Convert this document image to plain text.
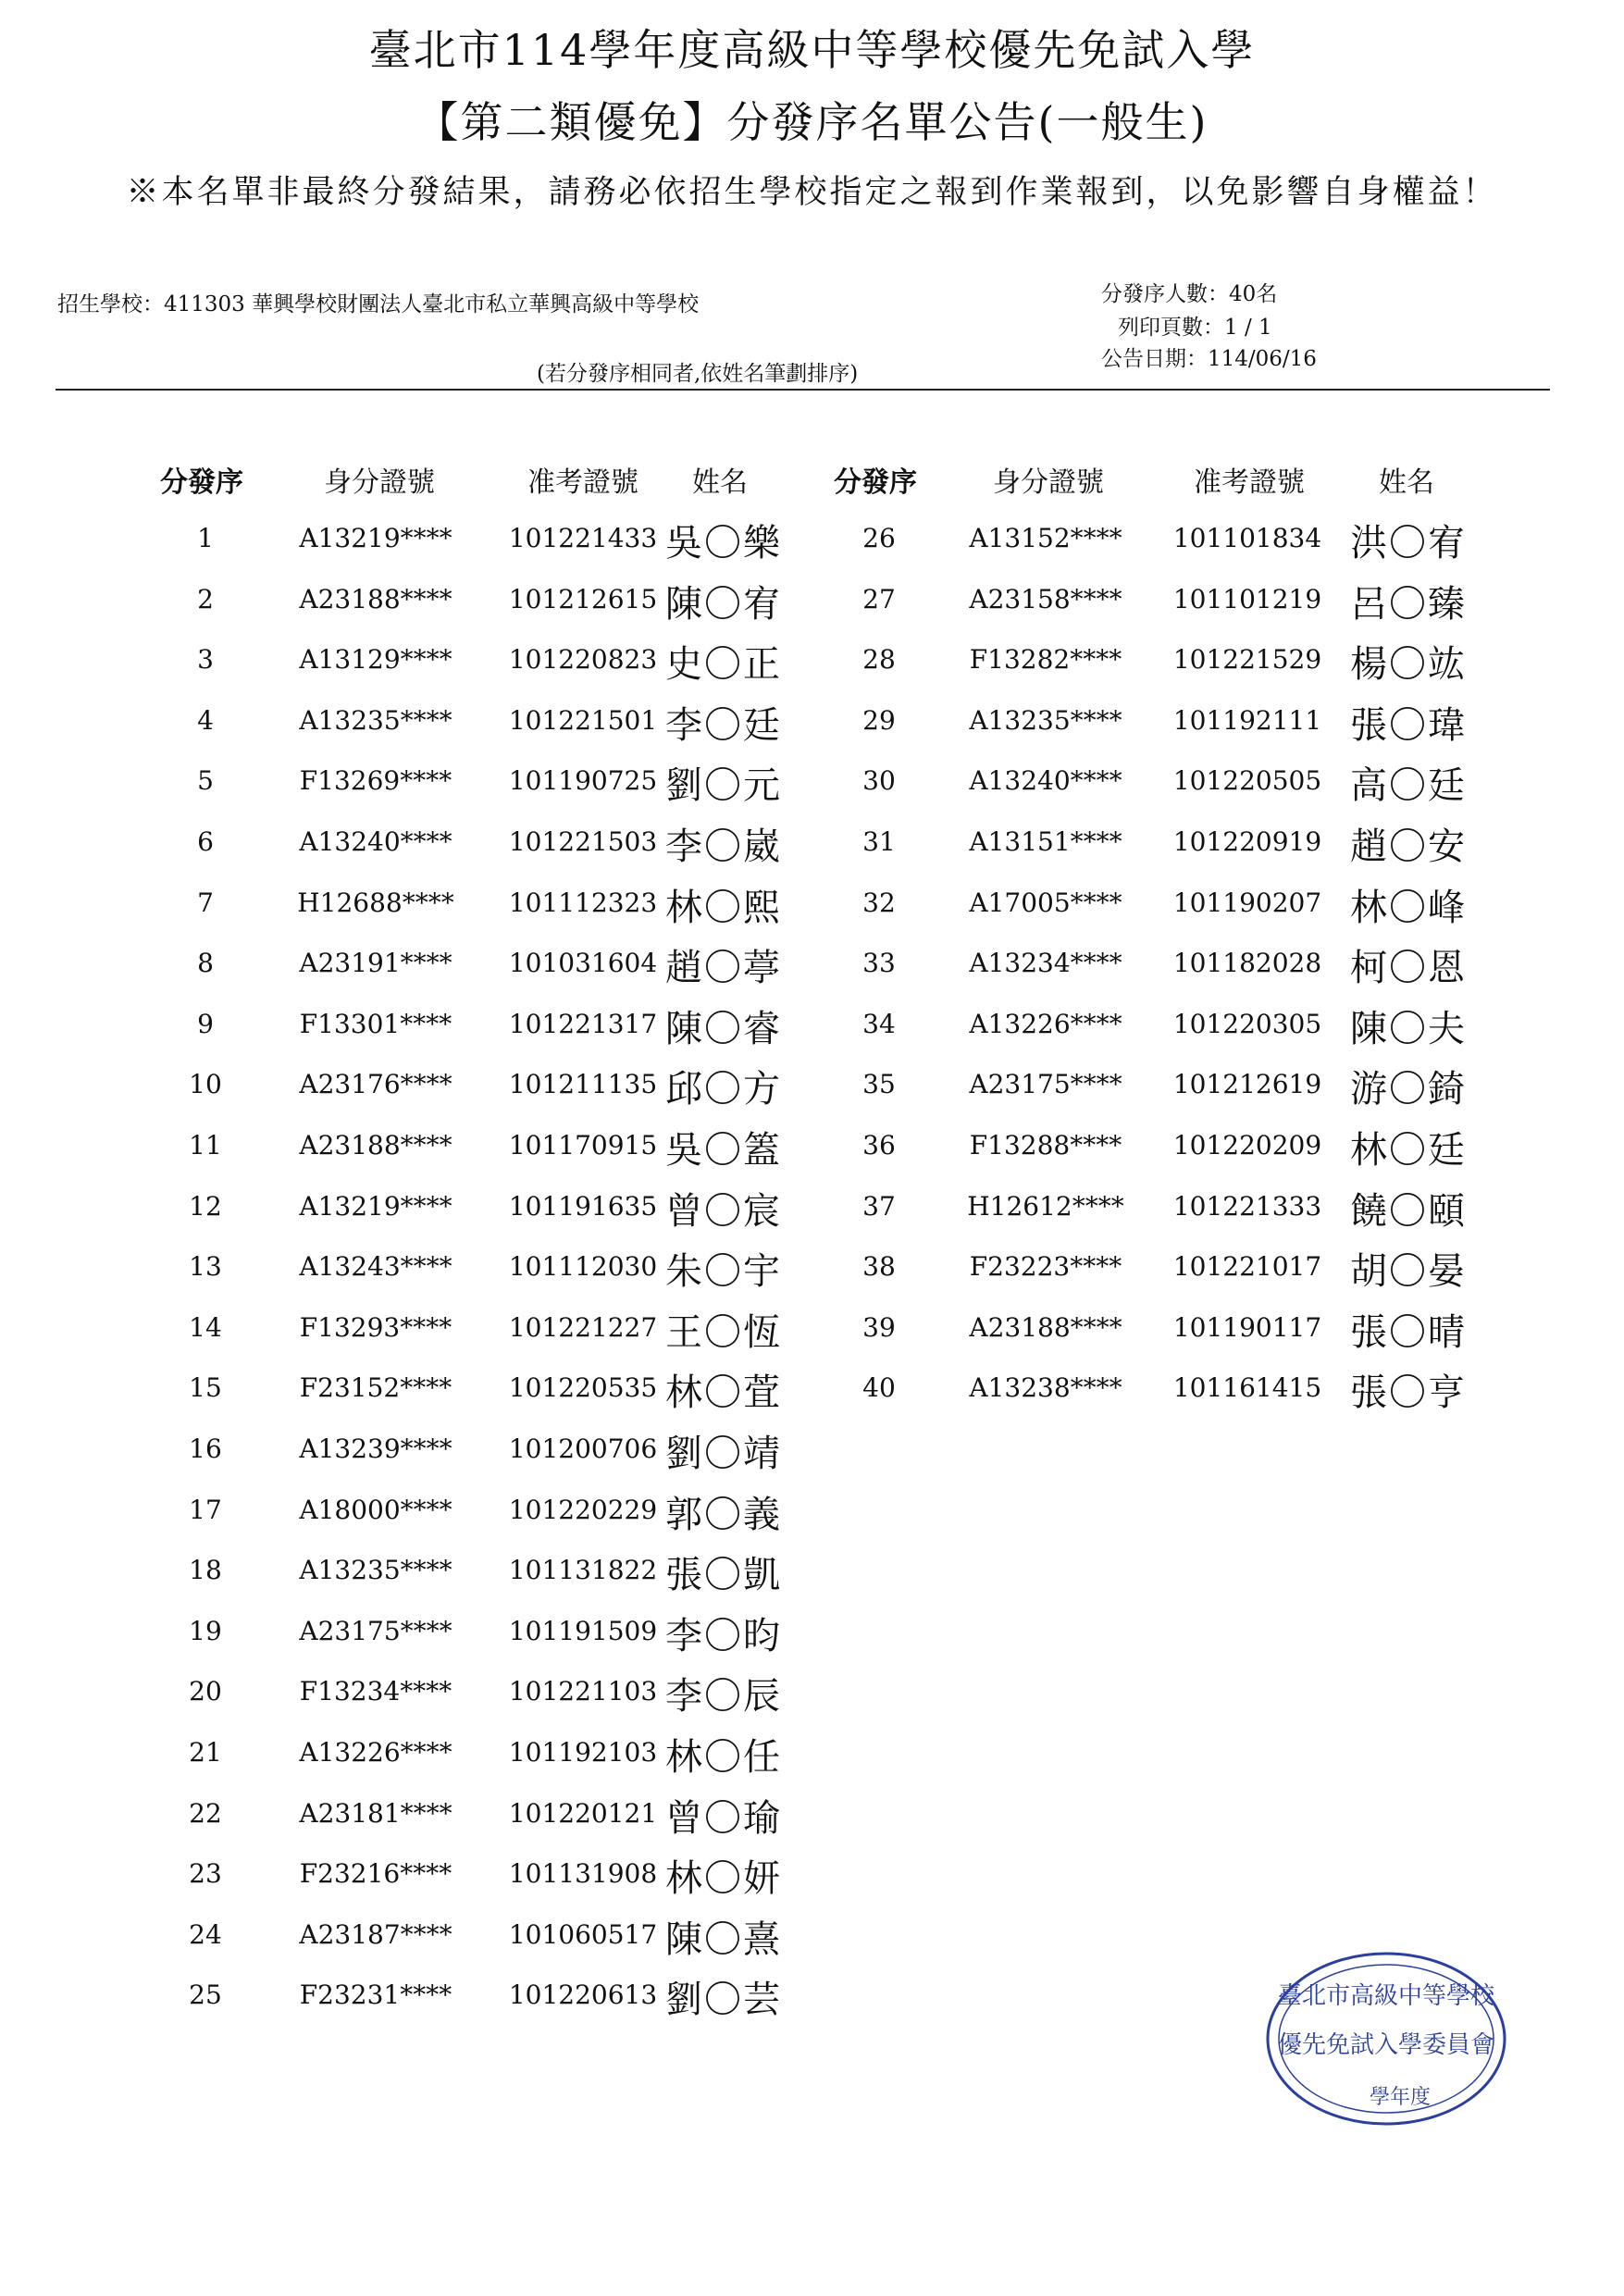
臺北市114學年度高級中等學校優先免試入學
【第二類優免】分發序名單公告(一般生)
※本名單非最終分發結果，請務必依招生學校指定之報到作業報到，以免影響自身權益！
招生學校：411303 華興學校財團法人臺北市私立華興高級中等學校	分發序人數：40名
列印頁數：1 / 1
公告日期：114/06/16
(若分發序相同者,依姓名筆劃排序)
分發序	身分證號	准考證號	姓名	分發序	身分證號	准考證號	姓名
1	A13219****	101221433 吳〇樂
2	A23188****	101212615 陳〇宥
3	A13129****	101220823 史〇正
4	A13235****	101221501 李〇廷
5	F13269****	101190725 劉〇元
6	A13240****	101221503 李〇崴
7	H12688****	101112323 林〇熙
8	A23191****	101031604 趙〇葶
9	F13301****	101221317 陳〇睿
10	A23176****	101211135 邱〇方
11	A23188****	101170915 吳〇篕
12	A13219****	101191635 曾〇宸
13	A13243****	101112030 朱〇宇
14	F13293****	101221227 王〇恆
15	F23152****	101220535 林〇萓
16	A13239****	101200706 劉〇靖
17	A18000****	101220229 郭〇義
18	A13235****	101131822 張〇凱
19	A23175****	101191509 李〇昀
20	F13234****	101221103 李〇辰
21	A13226****	101192103 林〇任
22	A23181****	101220121 曾〇瑜
23	F23216****	101131908 林〇妍
24	A23187****	101060517 陳〇熹
25	F23231****	101220613 劉〇芸
26	A13152****	101101834 洪〇宥
27	A23158****	101101219 呂〇臻
28	F13282****	101221529 楊〇竑
29	A13235****	101192111 張〇瑋
30	A13240****	101220505 高〇廷
31	A13151****	101220919 趙〇安
32	A17005****	101190207 林〇峰
33	A13234****	101182028 柯〇恩
34	A13226****	101220305 陳〇夫
35	A23175****	101212619 游〇錡
36	F13288****	101220209 林〇廷
37	H12612****	101221333 饒〇頤
38	F23223****	101221017 胡〇晏
39	A23188****	101190117 張〇晴
40	A13238****	101161415 張〇亨
臺北市高級中等學校
優先免試入學委員會
學年度
